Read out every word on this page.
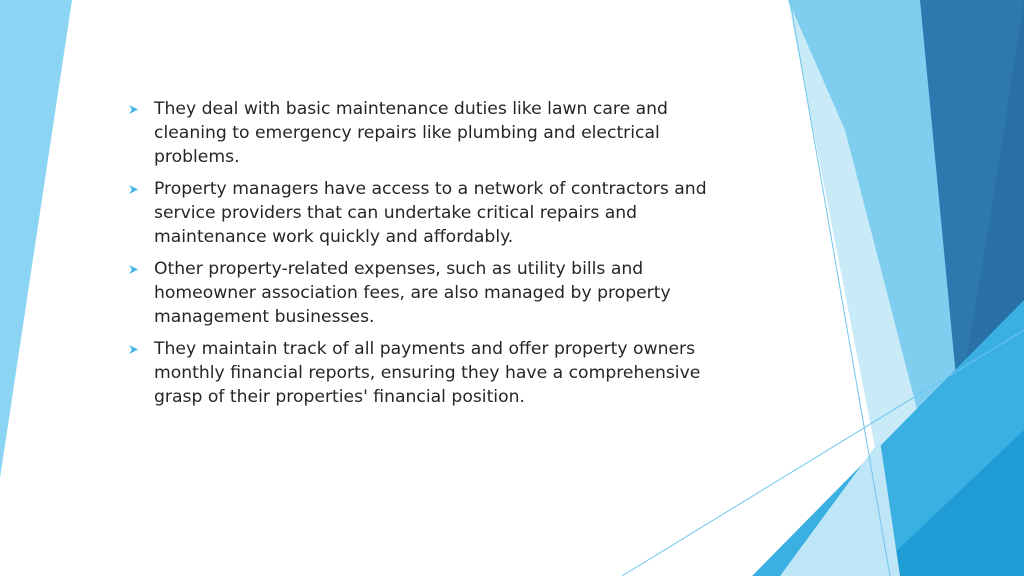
They deal with basic maintenance duties like lawn care and cleaning to emergency repairs like plumbing and electrical problems.
Property managers have access to a network of contractors and service providers that can undertake critical repairs and maintenance work quickly and affordably.
Other property-related expenses, such as utility bills and homeowner association fees, are also managed by property management businesses.
They maintain track of all payments and offer property owners monthly financial reports, ensuring they have a comprehensive grasp of their properties' financial position.
